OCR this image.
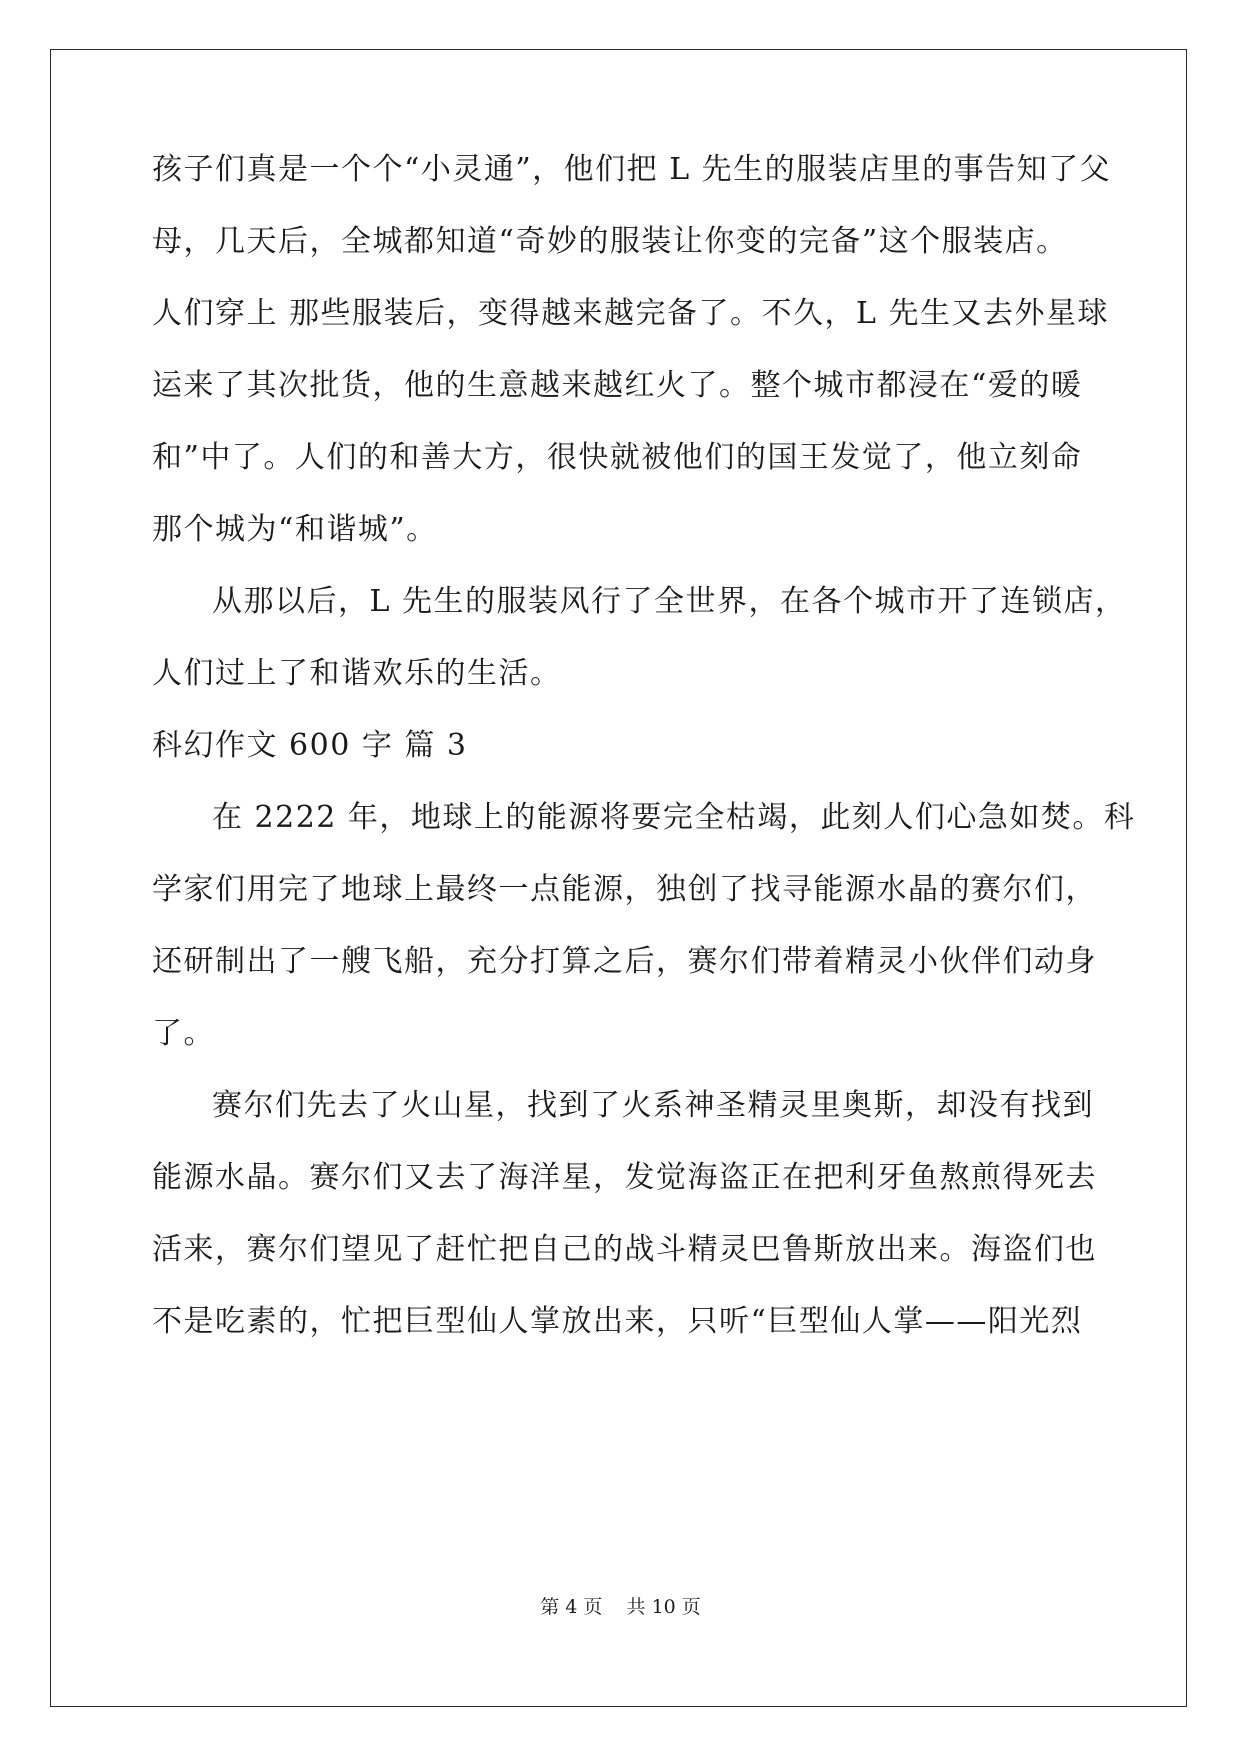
孩子们真是一个个“小灵通”，他们把 L 先生的服装店里的事告知了父
母，几天后，全城都知道“奇妙的服装让你变的完备”这个服装店。
人们穿上 那些服装后，变得越来越完备了。不久，L 先生又去外星球
运来了其次批货，他的生意越来越红火了。整个城市都浸在“爱的暖
和”中了。人们的和善大方，很快就被他们的国王发觉了，他立刻命
那个城为“和谐城”。
从那以后，L 先生的服装风行了全世界，在各个城市开了连锁店，
人们过上了和谐欢乐的生活。
科幻作文 600 字 篇 3
在 2222 年，地球上的能源将要完全枯竭，此刻人们心急如焚。科
学家们用完了地球上最终一点能源，独创了找寻能源水晶的赛尔们，
还研制出了一艘飞船，充分打算之后，赛尔们带着精灵小伙伴们动身
了。
赛尔们先去了火山星，找到了火系神圣精灵里奥斯，却没有找到
能源水晶。赛尔们又去了海洋星，发觉海盗正在把利牙鱼熬煎得死去
活来，赛尔们望见了赶忙把自己的战斗精灵巴鲁斯放出来。海盗们也
不是吃素的，忙把巨型仙人掌放出来，只听“巨型仙人掌——阳光烈
第 4 页    共 10 页
